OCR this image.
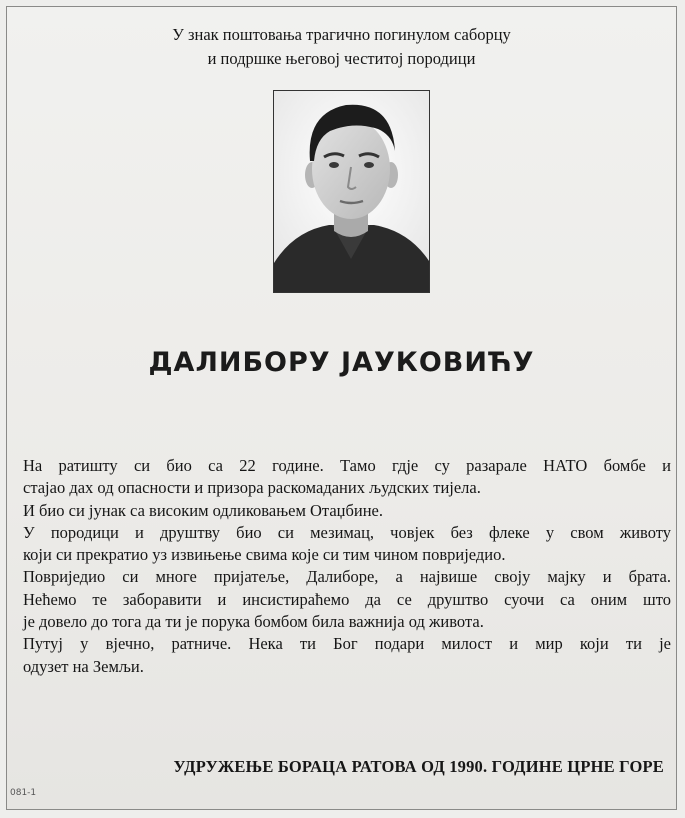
У знак поштовања трагично погинулом саборцу
и подршке његовој честитој породици
ДАЛИБОРУ ЈАУКОВИЋУ
На ратишту си био са 22 године. Тамо гдје су разарале НАТО бомбе и
стајао дах од опасности и призора раскомаданих људских тијела.
И био си јунак са високим одликовањем Отаџбине.
У породици и друштву био си мезимац, човјек без флеке у свом животу
који си прекратио уз извињење свима које си тим чином повриједио.
Повриједио си многе пријатеље, Далиборе, а највише своју мајку и брата.
Нећемо те заборавити и инсистираћемо да се друштво суочи са оним што
је довело до тога да ти је порука бомбом била важнија од живота.
Путуј у вјечно, ратниче. Нека ти Бог подари милост и мир који ти је
одузет на Земљи.
УДРУЖЕЊЕ БОРАЦА РАТОВА ОД 1990. ГОДИНЕ ЦРНЕ ГОРЕ
081-1
